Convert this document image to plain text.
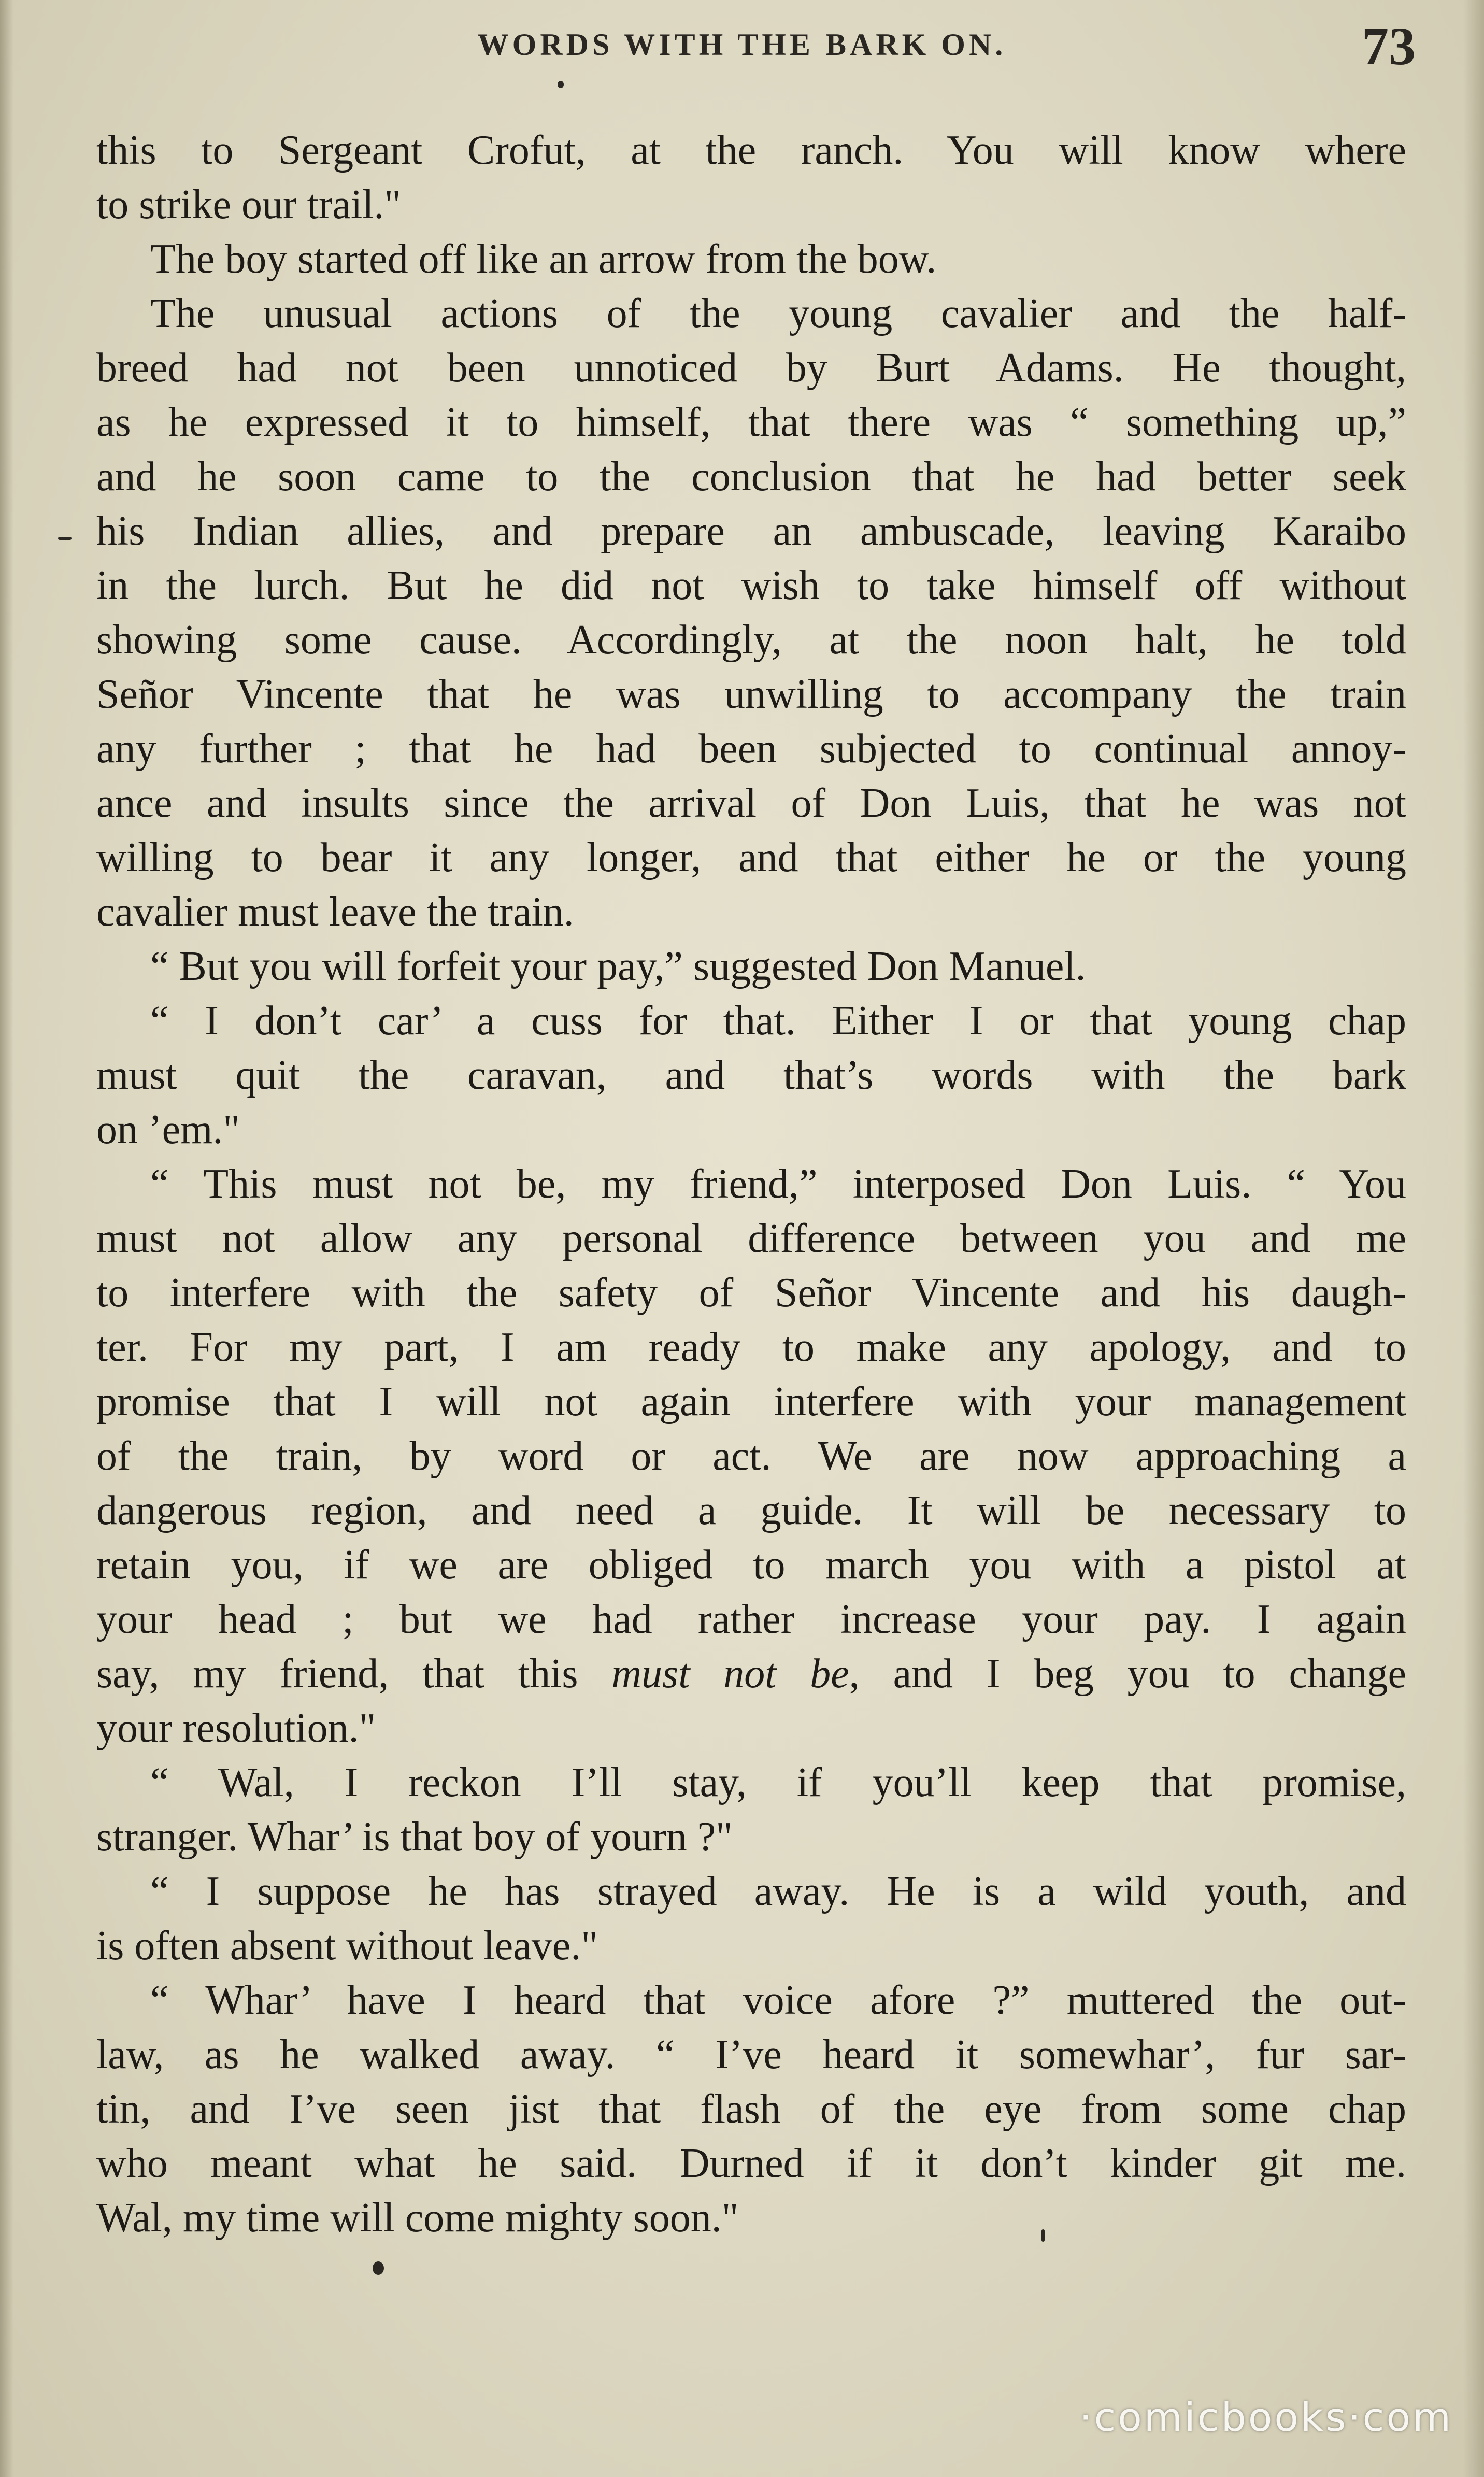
WORDS WITH THE BARK ON.	73
this to Sergeant Crofut, at the ranch. You will know where
to strike our trail."
The boy started off like an arrow from the bow.
The unusual actions of the young cavalier and the half-
breed had not been unnoticed by Burt Adams. He thought,
as he expressed it to himself, that there was “ something up,”
and he soon came to the conclusion that he had better seek
his Indian allies, and prepare an ambuscade, leaving Karaibo
in the lurch. But he did not wish to take himself off without
showing some cause. Accordingly, at the noon halt, he told
Señor Vincente that he was unwilling to accompany the train
any further ; that he had been subjected to continual annoy-
ance and insults since the arrival of Don Luis, that he was not
willing to bear it any longer, and that either he or the young
cavalier must leave the train.
“ But you will forfeit your pay,” suggested Don Manuel.
“ I don’t car’ a cuss for that. Either I or that young chap
must quit the caravan, and that’s words with the bark
on ’em."
“ This must not be, my friend,” interposed Don Luis. “ You
must not allow any personal difference between you and me
to interfere with the safety of Señor Vincente and his daugh-
ter. For my part, I am ready to make any apology, and to
promise that I will not again interfere with your management
of the train, by word or act. We are now approaching a
dangerous region, and need a guide. It will be necessary to
retain you, if we are obliged to march you with a pistol at
your head ; but we had rather increase your pay. I again
say, my friend, that this must not be, and I beg you to change
your resolution."
“ Wal, I reckon I’ll stay, if you’ll keep that promise,
stranger. Whar’ is that boy of yourn ?"
“ I suppose he has strayed away. He is a wild youth, and
is often absent without leave."
“ Whar’ have I heard that voice afore ?” muttered the out-
law, as he walked away. “ I’ve heard it somewhar’, fur sar-
tin, and I’ve seen jist that flash of the eye from some chap
who meant what he said. Durned if it don’t kinder git me.
Wal, my time will come mighty soon."
·comicbooks·com
